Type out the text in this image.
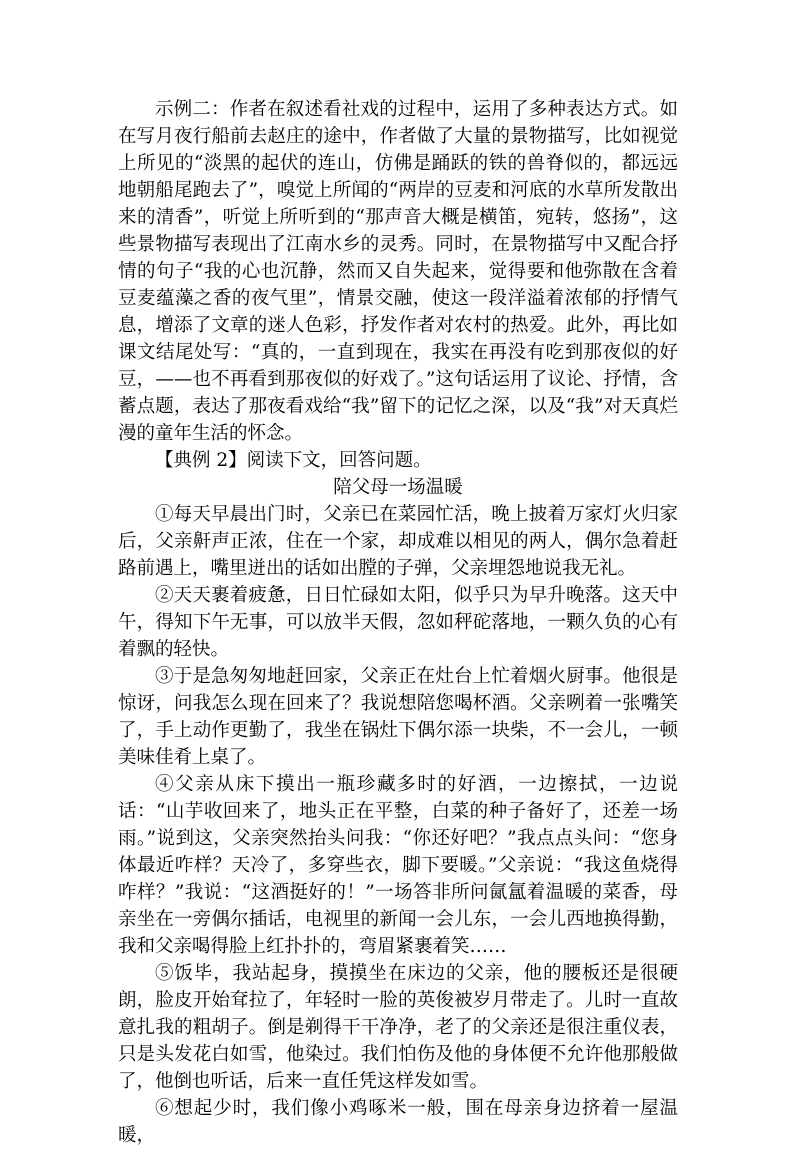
示例二：作者在叙述看社戏的过程中，运用了多种表达方式。如在写月夜行船前去赵庄的途中，作者做了大量的景物描写，比如视觉上所见的“淡黑的起伏的连山，仿佛是踊跃的铁的兽脊似的，都远远地朝船尾跑去了”，嗅觉上所闻的“两岸的豆麦和河底的水草所发散出来的清香”，听觉上所听到的“那声音大概是横笛，宛转，悠扬”，这些景物描写表现出了江南水乡的灵秀。同时，在景物描写中又配合抒情的句子“我的心也沉静，然而又自失起来，觉得要和他弥散在含着豆麦蕴藻之香的夜气里”，情景交融，使这一段洋溢着浓郁的抒情气息，增添了文章的迷人色彩，抒发作者对农村的热爱。此外，再比如课文结尾处写：“真的，一直到现在，我实在再没有吃到那夜似的好豆，——也不再看到那夜似的好戏了。”这句话运用了议论、抒情，含蓄点题，表达了那夜看戏给“我”留下的记忆之深，以及“我”对天真烂漫的童年生活的怀念。

【典例 2】阅读下文，回答问题。

陪父母一场温暖

①每天早晨出门时，父亲已在菜园忙活，晚上披着万家灯火归家后，父亲鼾声正浓，住在一个家，却成难以相见的两人，偶尔急着赶路前遇上，嘴里迸出的话如出膛的子弹，父亲埋怨地说我无礼。

②天天裹着疲惫，日日忙碌如太阳，似乎只为早升晚落。这天中午，得知下午无事，可以放半天假，忽如秤砣落地，一颗久负的心有着飘的轻快。

③于是急匆匆地赶回家，父亲正在灶台上忙着烟火厨事。他很是惊讶，问我怎么现在回来了？我说想陪您喝杯酒。父亲咧着一张嘴笑了，手上动作更勤了，我坐在锅灶下偶尔添一块柴，不一会儿，一顿美味佳肴上桌了。

④父亲从床下摸出一瓶珍藏多时的好酒，一边擦拭，一边说话：“山芋收回来了，地头正在平整，白菜的种子备好了，还差一场雨。”说到这，父亲突然抬头问我：“你还好吧？”我点点头问：“您身体最近咋样？天冷了，多穿些衣，脚下要暖。”父亲说：“我这鱼烧得咋样？”我说：“这酒挺好的！”一场答非所问氤氲着温暖的菜香，母亲坐在一旁偶尔插话，电视里的新闻一会儿东，一会儿西地换得勤，我和父亲喝得脸上红扑扑的，弯眉紧裹着笑……

⑤饭毕，我站起身，摸摸坐在床边的父亲，他的腰板还是很硬朗，脸皮开始耷拉了，年轻时一脸的英俊被岁月带走了。儿时一直故意扎我的粗胡子。倒是剃得干干净净，老了的父亲还是很注重仪表，只是头发花白如雪，他染过。我们怕伤及他的身体便不允许他那般做了，他倒也听话，后来一直任凭这样发如雪。

⑥想起少时，我们像小鸡啄米一般，围在母亲身边挤着一屋温暖，
